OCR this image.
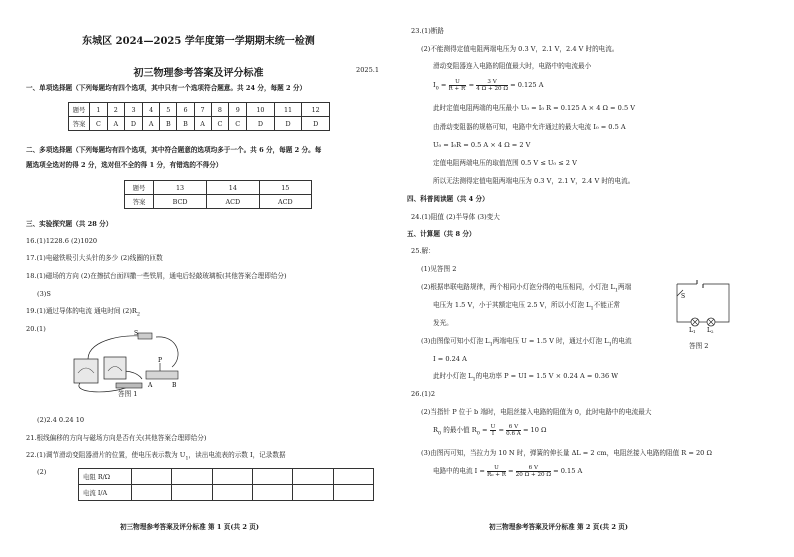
东城区 2024—2025 学年度第一学期期末统一检测
初三物理参考答案及评分标准	2025.1
一、单项选择题（下列每题均有四个选项，其中只有一个选项符合题意。共 24 分，每题 2 分）
题号	1	2	3	4	5	6	7	8	9	10	11	12
答案	C	A	D	A	B	B	A	C	C	D	D	D
二、多项选择题（下列每题均有四个选项，其中符合题意的选项均多于一个。共 6 分，每题 2 分。每
题选项全选对的得 2 分，选对但不全的得 1 分，有错选的不得分）
题号	13	14	15
答案	BCD	ACD	ACD
三、实验探究题（共 28 分）
16.(1)1228.6 (2)1020
17.(1)电磁铁吸引大头针的多少 (2)线圈的匝数
18.(1)磁场的方向 (2)在擦拭台面四撒一些铁屑，通电后轻敲玻璃板(其他答案合理即给分)
(3)S
19.(1)通过导体的电流 通电时间 $(2)R_2$
20.(1)
S
P
A	B
答图 1
(2)2.4 0.24 10
21.根线偏移的方向与磁场方向是否有关(其他答案合理即给分)
22.(1)调节滑动变阻器滑片的位置，使电压表示数为 $U_1$，读出电流表的示数 I，记录数据
(2)
电阻 R/Ω						
电流 I/A						
初三物理参考答案及评分标准 第 1 页(共 2 页)
23.(1)断路
(2)不能测得定值电阻两端电压为 0.3 V，2.1 V，2.4 V 时的电流。
滑动变阻器连入电路的阻值最大时，电路中的电流最小
$I_0 = \frac{U}{R + R'} = \frac{3 V}{4 \Omega + 20 \Omega} = 0.125$ A
此时定值电阻两端的电压最小 U₀ = I₀ R = 0.125 A × 4 Ω = 0.5 V
由滑动变阻器的规格可知，电路中允许通过的最大电流 I₀ = 0.5 A
U₀ = I₀R = 0.5 A × 4 Ω = 2 V
定值电阻两端电压的取值范围 0.5 V ≤ U₀ ≤ 2 V
所以无法测得定值电阻两端电压为 0.3 V，2.1 V，2.4 V 时的电流。
四、科普阅读题（共 4 分）
24.(1)阻值 (2)半导体 (3)变大
五、计算题（共 8 分）
25.解：
(1)见答图 2
(2)根据串联电路规律，两个相同小灯泡分得的电压相同，小灯泡 $L_1$两端
电压为 1.5 V，小于其额定电压 2.5 V，所以小灯泡 $L_1$不能正常
发光。
(3)由图像可知小灯泡 $L_1$两端电压 U = 1.5 V 时，通过小灯泡 $L_1$的电流
I = 0.24 A
此时小灯泡 $L_1$的电功率 P = UI = 1.5 V × 0.24 A = 0.36 W
S
L1 L2
答图 2
26.(1)2
(2)当指针 P 位于 b 端时，电阻丝接入电路的阻值为 0，此时电路中的电流最大
$R_0$ 的最小值 $R_0 = \frac{U}{I} = \frac{6 V}{0.6 A} = 10$ Ω
(3)由图丙可知，当拉力为 10 N 时，弹簧的伸长量 ΔL = 2 cm，电阻丝接入电路的阻值 R = 20 Ω
电路中的电流 $I = \frac{U}{\text{R₀ + R}} = \frac{6 V}{20 \Omega + 20 \Omega} = 0.15$ A
初三物理参考答案及评分标准 第 2 页(共 2 页)
